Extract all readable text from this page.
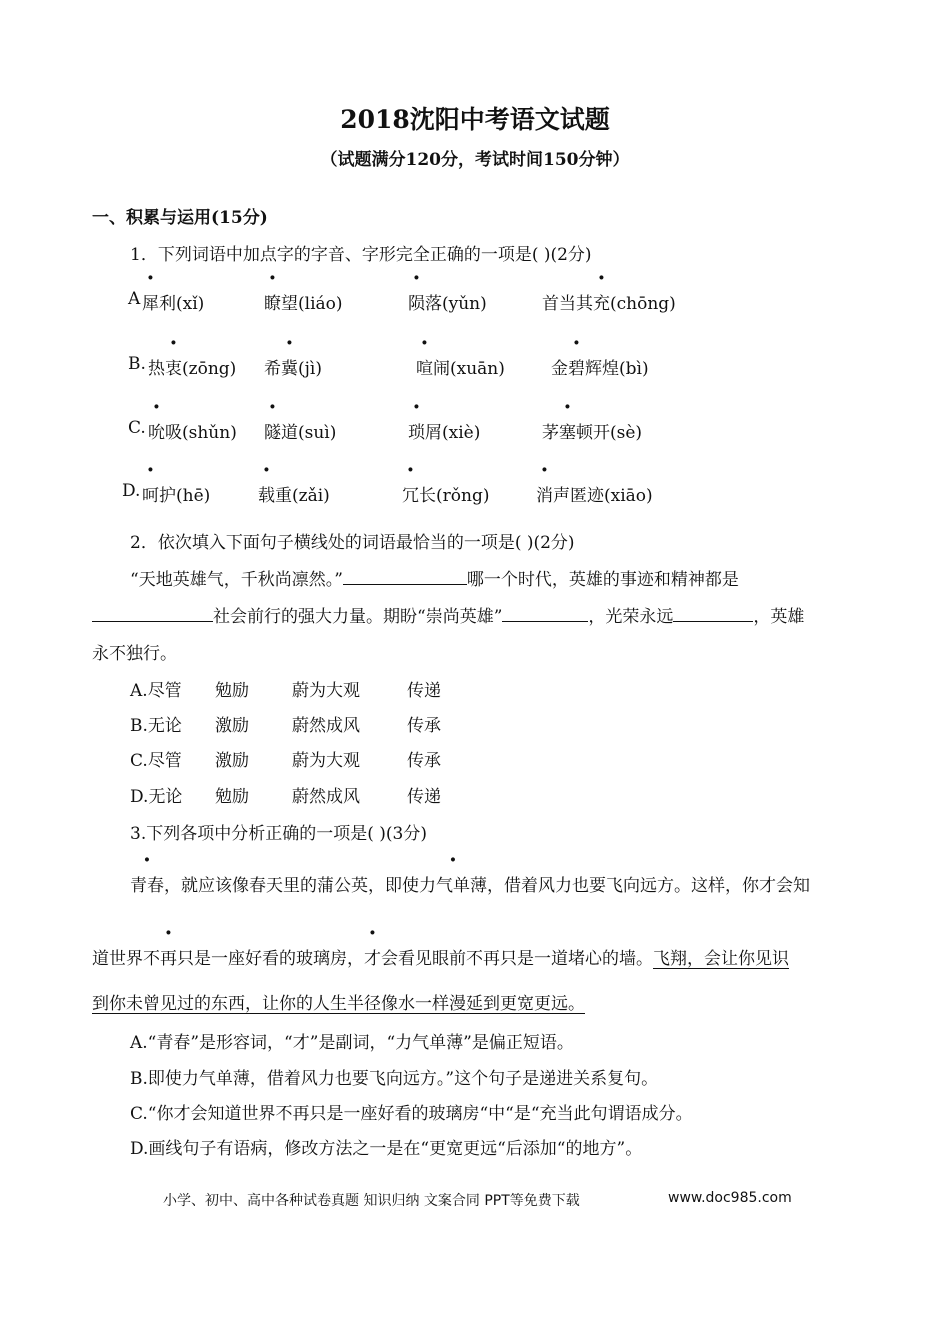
2018沈阳中考语文试题
（试题满分120分，考试时间150分钟）
一、积累与运用(15分)
1．下列词语中加点字的字音、字形完全正确的一项是( )(2分)
A 犀利(xǐ)	瞭望(liáo)	陨落(yǔn)	首当其充(chōng)
B. 热衷(zōng) 希冀(jì)	喧闹(xuān)	金碧辉煌(bì)
C. 吮吸(shǔn) 隧道(suì)	琐屑(xiè)	茅塞顿开(sè)
D. 呵护(hē)	载重(zǎi)	冗长(rǒng)	消声匿迹(xiāo)
2．依次填入下面句子横线处的词语最恰当的一项是( )(2分)
“天地英雄气，千秋尚凛然。”	哪一个时代，英雄的事迹和精神都是
社会前行的强大力量。期盼“崇尚英雄”	，光荣永远	，英雄
永不独行。
A.尽管 勉励	蔚为大观	传递
B.无论 激励	蔚然成风	传承
C.尽管 激励	蔚为大观	传承
D.无论 勉励	蔚然成风	传递
3.下列各项中分析正确的一项是( )(3分)
青春，就应该像春天里的蒲公英，即使力气单薄，借着风力也要飞向远方。这样，你才会知
道世界不再只是一座好看的玻璃房，才会看见眼前不再只是一道堵心的墙。飞翔，会让你见识
到你未曾见过的东西，让你的人生半径像水一样漫延到更宽更远。
A.“青春”是形容词，“才”是副词，“力气单薄”是偏正短语。
B.即使力气单薄，借着风力也要飞向远方。”这个句子是递进关系复句。
C.“你才会知道世界不再只是一座好看的玻璃房“中“是“充当此句谓语成分。
D.画线句子有语病，修改方法之一是在“更宽更远“后添加“的地方”。
小学、初中、高中各种试卷真题 知识归纳 文案合同 PPT等免费下载	www.doc985.com
